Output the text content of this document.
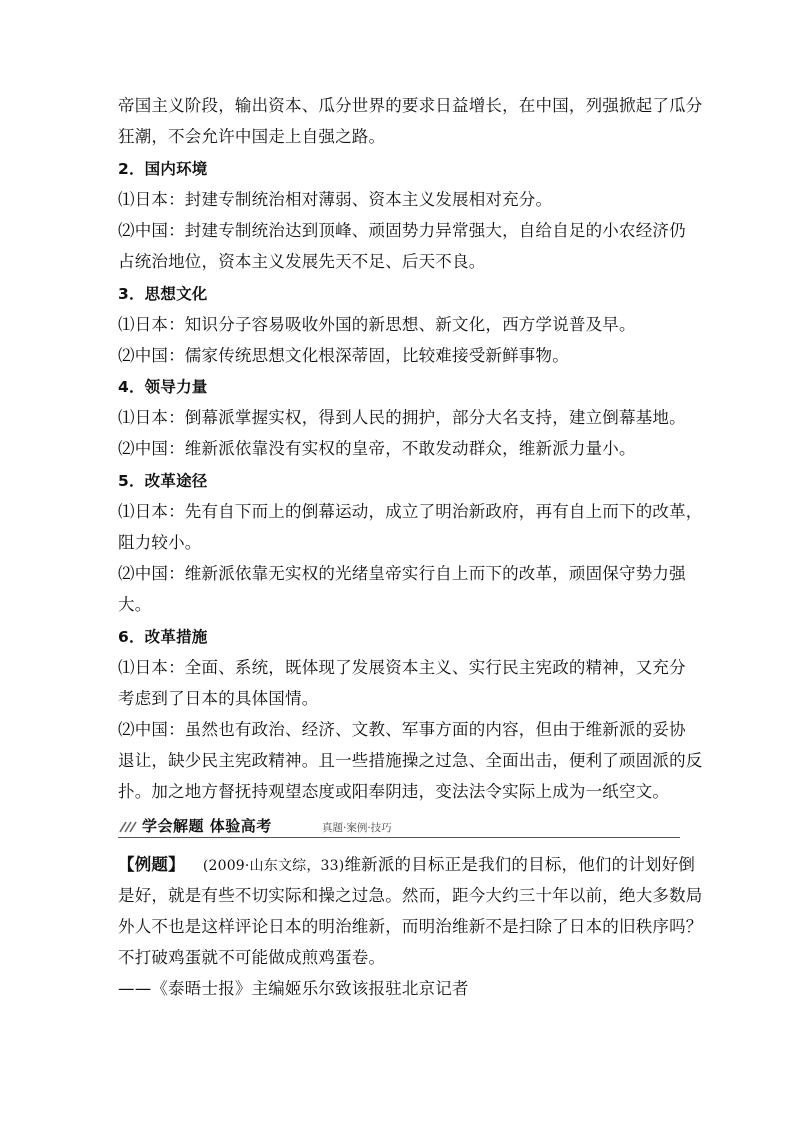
帝国主义阶段，输出资本、瓜分世界的要求日益增长，在中国，列强掀起了瓜分
狂潮，不会允许中国走上自强之路。
2．国内环境
⑴日本：封建专制统治相对薄弱、资本主义发展相对充分。
⑵中国：封建专制统治达到顶峰、顽固势力异常强大，自给自足的小农经济仍
占统治地位，资本主义发展先天不足、后天不良。
3．思想文化
⑴日本：知识分子容易吸收外国的新思想、新文化，西方学说普及早。
⑵中国：儒家传统思想文化根深蒂固，比较难接受新鲜事物。
4．领导力量
⑴日本：倒幕派掌握实权，得到人民的拥护，部分大名支持，建立倒幕基地。
⑵中国：维新派依靠没有实权的皇帝，不敢发动群众，维新派力量小。
5．改革途径
⑴日本：先有自下而上的倒幕运动，成立了明治新政府，再有自上而下的改革，
阻力较小。
⑵中国：维新派依靠无实权的光绪皇帝实行自上而下的改革，顽固保守势力强
大。
6．改革措施
⑴日本：全面、系统，既体现了发展资本主义、实行民主宪政的精神，又充分
考虑到了日本的具体国情。
⑵中国：虽然也有政治、经济、文教、军事方面的内容，但由于维新派的妥协
退让，缺少民主宪政精神。且一些措施操之过急、全面出击，便利了顽固派的反
扑。加之地方督抚持观望态度或阳奉阴违，变法法令实际上成为一纸空文。
学会解题 体验高考	真题·案例·技巧
【例题】 (2009·山东文综，33)维新派的目标正是我们的目标，他们的计划好倒
是好，就是有些不切实际和操之过急。然而，距今大约三十年以前，绝大多数局
外人不也是这样评论日本的明治维新，而明治维新不是扫除了日本的旧秩序吗？
不打破鸡蛋就不可能做成煎鸡蛋卷。
——《泰晤士报》主编姬乐尔致该报驻北京记者
